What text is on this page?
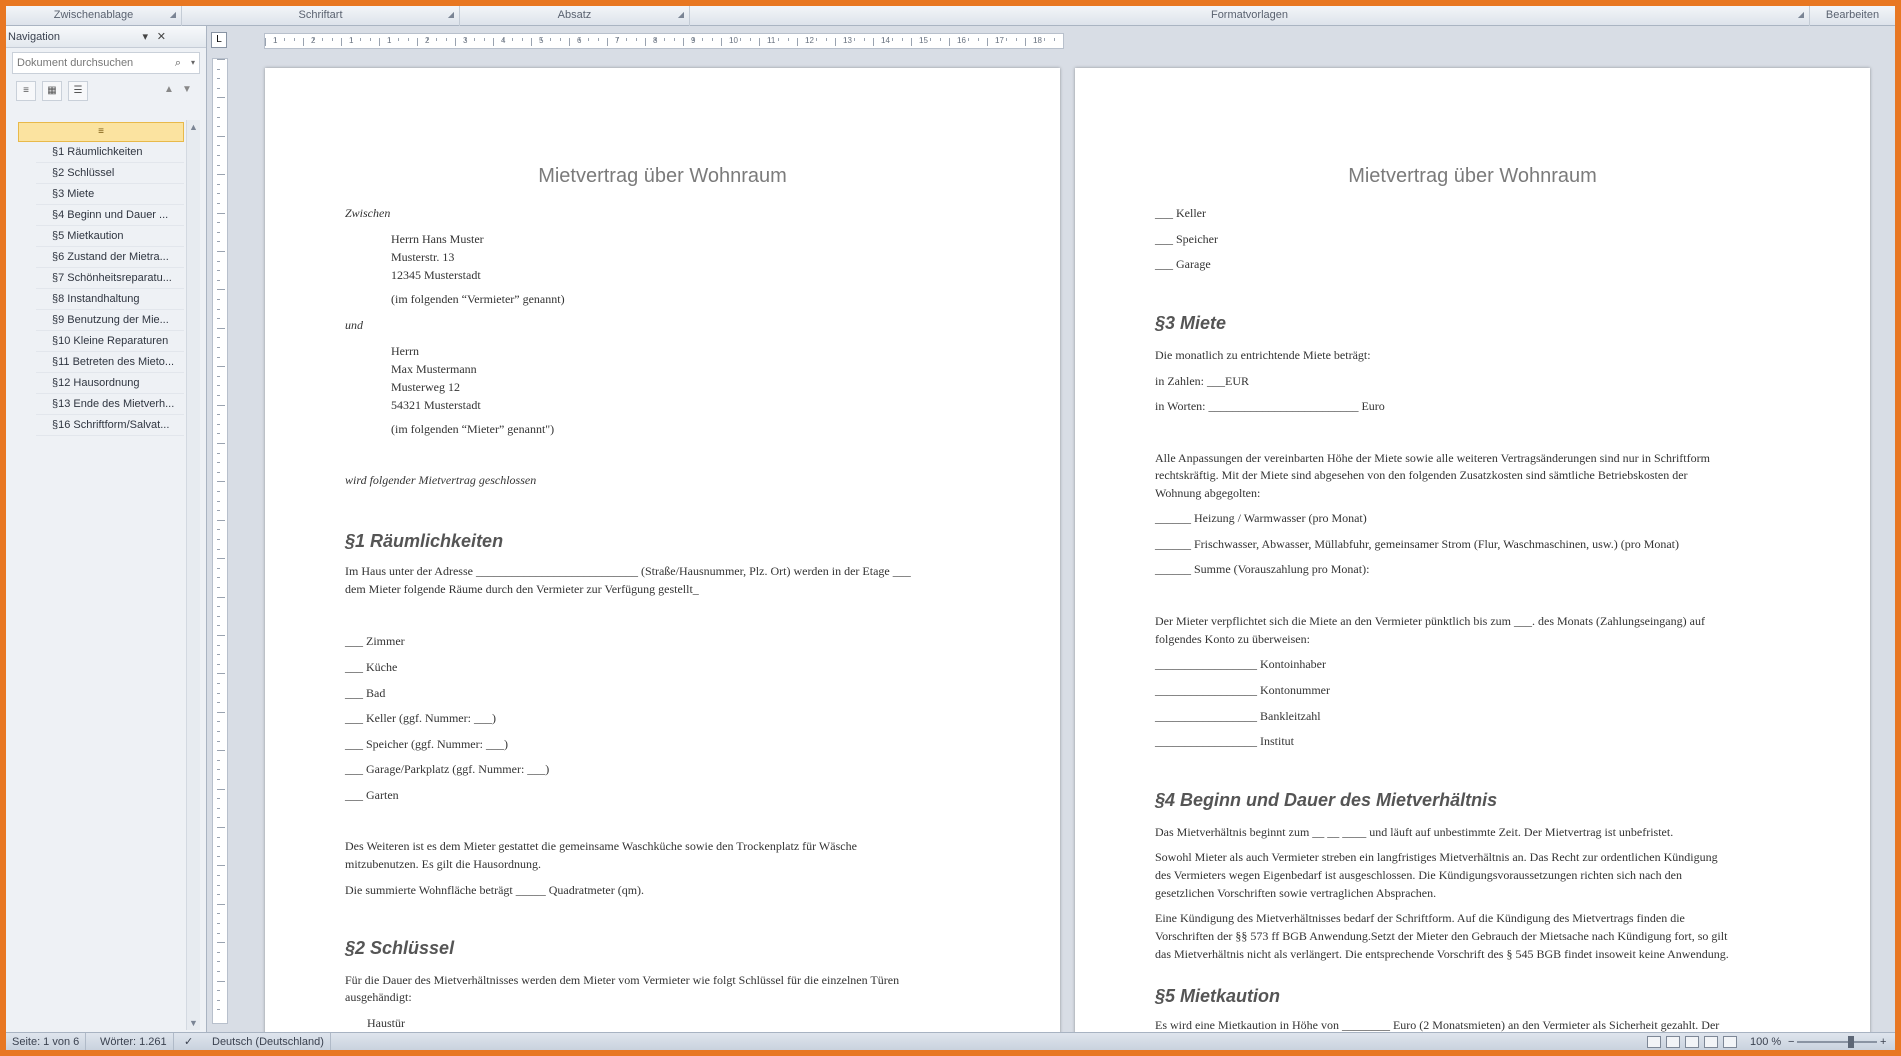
Zwischenablage	◢	Schriftart	◢	Absatz	◢	Formatvorlagen	◢	Bearbeiten
Navigation	▾ ✕
Dokument durchsuchen	⌕ ▾
≡	▦	☰	▲ ▼
≡
§1 Räumlichkeiten
§2 Schlüssel
§3 Miete
§4 Beginn und Dauer ...
§5 Mietkaution
§6 Zustand der Mietra...
§7 Schönheitsreparatu...
§8 Instandhaltung
§9 Benutzung der Mie...
§10 Kleine Reparaturen
§11 Betreten des Mieto...
§12 Hausordnung
§13 Ende des Mietverh...
§16 Schriftform/Salvat...
▲
▼
L	1	2	1	1	2	3	4	5	6	7	8	9	10	11	12	13	14	15	16	17	18
Mietvertrag über Wohnraum
Zwischen
Herrn Hans Muster
Musterstr. 13
12345 Musterstadt
(im folgenden “Vermieter” genannt)
und
Herrn
Max Mustermann
Musterweg 12
54321 Musterstadt
(im folgenden “Mieter” genannt")
wird folgender Mietvertrag geschlossen
§1 Räumlichkeiten
Im Haus unter der Adresse ___________________________ (Straße/Hausnummer, Plz. Ort) werden in der Etage ___
dem Mieter folgende Räume durch den Vermieter zur Verfügung gestellt_
___ Zimmer
___ Küche
___ Bad
___ Keller (ggf. Nummer: ___)
___ Speicher (ggf. Nummer: ___)
___ Garage/Parkplatz (ggf. Nummer: ___)
___ Garten
Des Weiteren ist es dem Mieter gestattet die gemeinsame Waschküche sowie den Trockenplatz für Wäsche
mitzubenutzen. Es gilt die Hausordnung.
Die summierte Wohnfläche beträgt _____ Quadratmeter (qm).
§2 Schlüssel
Für die Dauer des Mietverhältnisses werden dem Mieter vom Vermieter wie folgt Schlüssel für die einzelnen Türen
ausgehändigt:
Haustür
Mietvertrag über Wohnraum
___ Keller
___ Speicher
___ Garage
§3 Miete
Die monatlich zu entrichtende Miete beträgt:
in Zahlen: ___EUR
in Worten: _________________________ Euro
Alle Anpassungen der vereinbarten Höhe der Miete sowie alle weiteren Vertragsänderungen sind nur in Schriftform
rechtskräftig. Mit der Miete sind abgesehen von den folgenden Zusatzkosten sind sämtliche Betriebskosten der
Wohnung abgegolten:
______ Heizung / Warmwasser (pro Monat)
______ Frischwasser, Abwasser, Müllabfuhr, gemeinsamer Strom (Flur, Waschmaschinen, usw.) (pro Monat)
______ Summe (Vorauszahlung pro Monat):
Der Mieter verpflichtet sich die Miete an den Vermieter pünktlich bis zum ___. des Monats (Zahlungseingang) auf
folgendes Konto zu überweisen:
_________________ Kontoinhaber
_________________ Kontonummer
_________________ Bankleitzahl
_________________ Institut
§4 Beginn und Dauer des Mietverhältnis
Das Mietverhältnis beginnt zum __ __ ____ und läuft auf unbestimmte Zeit. Der Mietvertrag ist unbefristet.
Sowohl Mieter als auch Vermieter streben ein langfristiges Mietverhältnis an. Das Recht zur ordentlichen Kündigung
des Vermieters wegen Eigenbedarf ist ausgeschlossen. Die Kündigungsvoraussetzungen richten sich nach den
gesetzlichen Vorschriften sowie vertraglichen Absprachen.
Eine Kündigung des Mietverhältnisses bedarf der Schriftform. Auf die Kündigung des Mietvertrags finden die
Vorschriften der §§ 573 ff BGB Anwendung.Setzt der Mieter den Gebrauch der Mietsache nach Kündigung fort, so gilt
das Mietverhältnis nicht als verlängert. Die entsprechende Vorschrift des § 545 BGB findet insoweit keine Anwendung.
§5 Mietkaution
Es wird eine Mietkaution in Höhe von ________ Euro (2 Monatsmieten) an den Vermieter als Sicherheit gezahlt. Der
Seite: 1 von 6	Wörter: 1.261	✓	Deutsch (Deutschland)	100 % −	+
